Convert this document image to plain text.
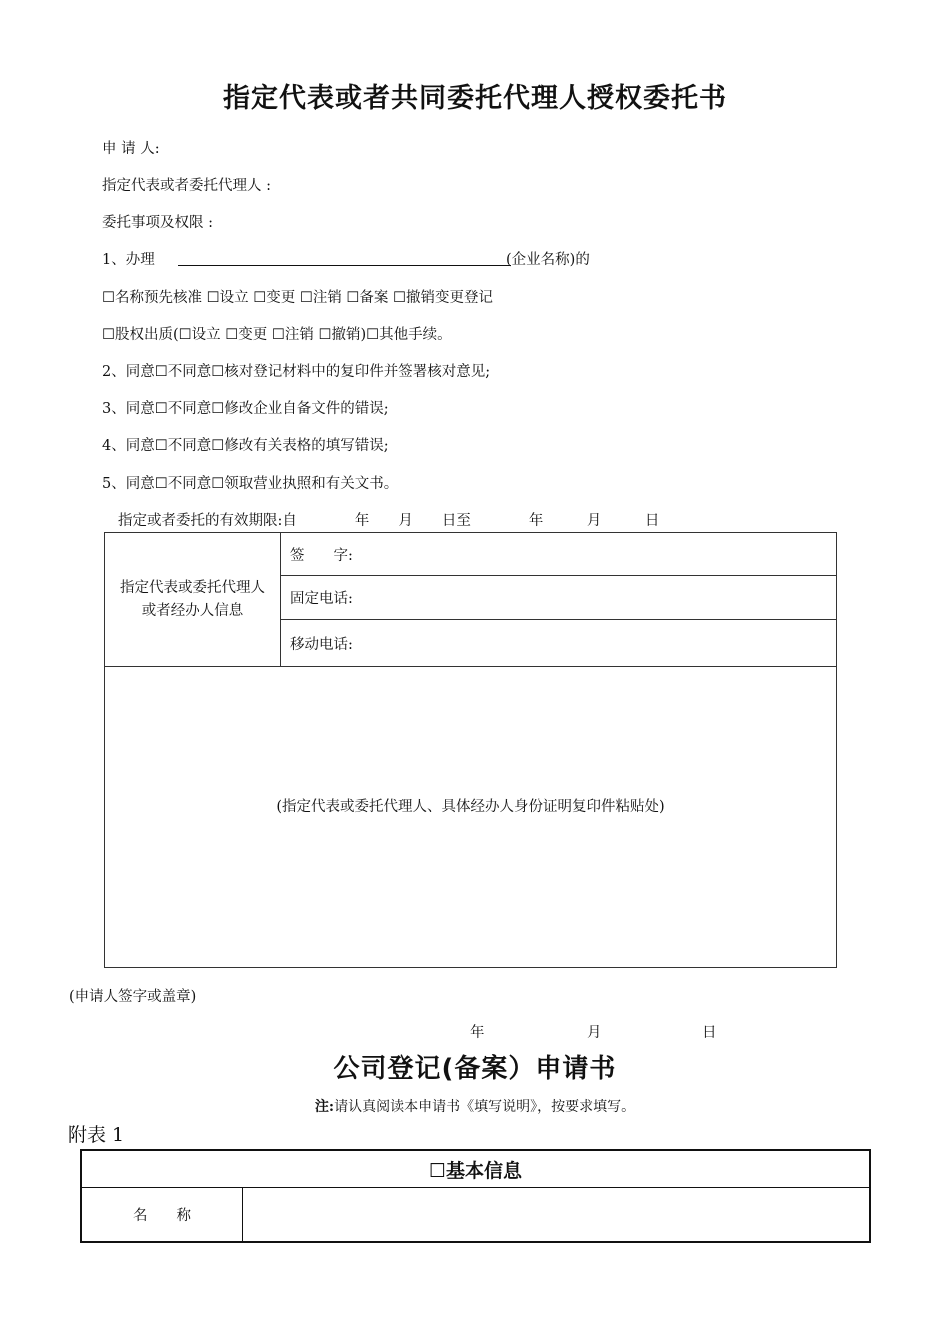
指定代表或者共同委托代理人授权委托书
申 请 人:
指定代表或者委托代理人 :
委托事项及权限 :
1、办理	(企业名称)的
☐名称预先核准 ☐设立 ☐变更 ☐注销 ☐备案 ☐撤销变更登记
☐股权出质(☐设立 ☐变更 ☐注销 ☐撤销)☐其他手续。
2、同意☐不同意☐核对登记材料中的复印件并签署核对意见;
3、同意☐不同意☐修改企业自备文件的错误;
4、同意☐不同意☐修改有关表格的填写错误;
5、同意☐不同意☐领取营业执照和有关文书。
指定或者委托的有效期限:自　　　　年　　月　　日至　　　　年　　　月　　　日
指定代表或委托代理人或者经办人信息
签　　字:
固定电话:
移动电话:
(指定代表或委托代理人、具体经办人身份证明复印件粘贴处)
(申请人签字或盖章)
年	月	日
公司登记(备案）申请书
注:请认真阅读本申请书《填写说明》，按要求填写。
附表 1
☐基本信息
名　　称
